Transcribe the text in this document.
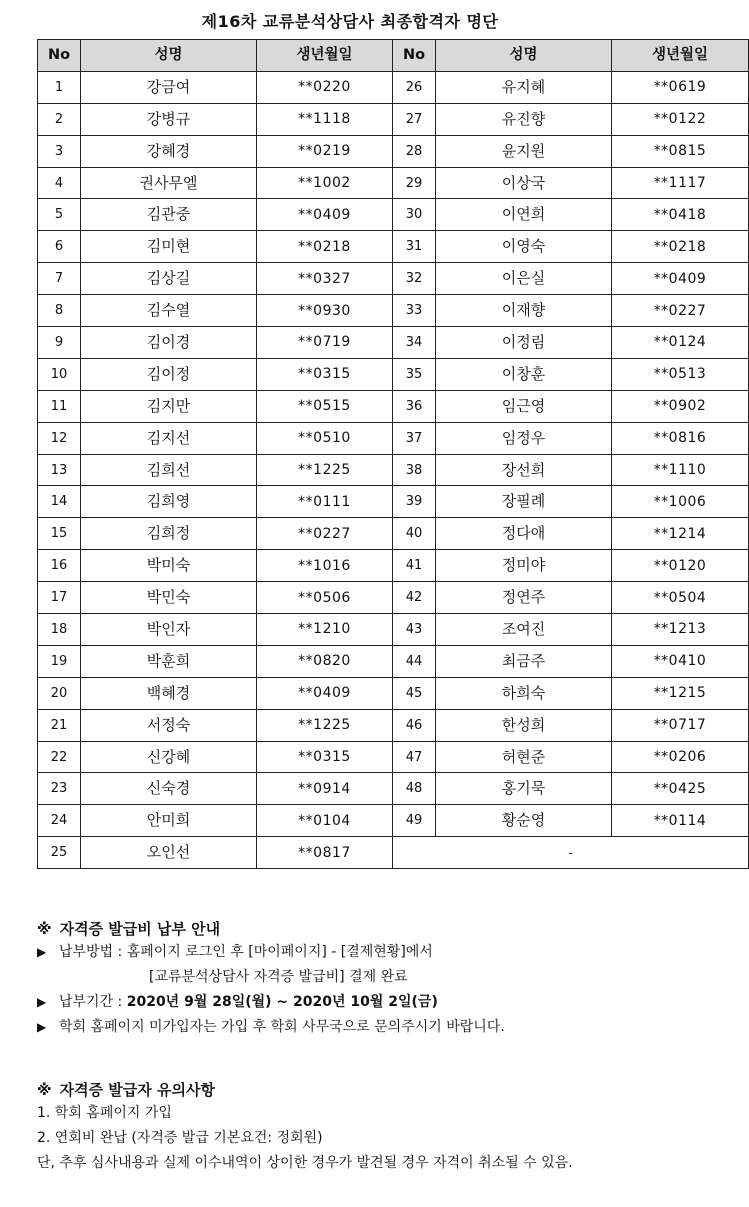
제16차 교류분석상담사 최종합격자 명단
No	성명	생년월일	No	성명	생년월일
1	강금여	**0220	26	유지혜	**0619
2	강병규	**1118	27	유진향	**0122
3	강혜경	**0219	28	윤지원	**0815
4	권사무엘	**1002	29	이상국	**1117
5	김관중	**0409	30	이연희	**0418
6	김미현	**0218	31	이영숙	**0218
7	김상길	**0327	32	이은실	**0409
8	김수열	**0930	33	이재향	**0227
9	김이경	**0719	34	이정림	**0124
10	김이정	**0315	35	이창훈	**0513
11	김지만	**0515	36	임근영	**0902
12	김지선	**0510	37	임정우	**0816
13	김희선	**1225	38	장선희	**1110
14	김희영	**0111	39	장필례	**1006
15	김희정	**0227	40	정다애	**1214
16	박미숙	**1016	41	정미야	**0120
17	박민숙	**0506	42	정연주	**0504
18	박인자	**1210	43	조여진	**1213
19	박훈희	**0820	44	최금주	**0410
20	백혜경	**0409	45	하희숙	**1215
21	서정숙	**1225	46	한성희	**0717
22	신강혜	**0315	47	허현준	**0206
23	신숙경	**0914	48	홍기묵	**0425
24	안미희	**0104	49	황순영	**0114
25	오인선	**0817	-		
※ 자격증 발급비 납부 안내
▶ 납부방법 : 홈페이지 로그인 후 [마이페이지] - [결제현황]에서
[교류분석상담사 자격증 발급비] 결제 완료
▶ 납부기간 : 2020년 9월 28일(월) ~ 2020년 10월 2일(금)
▶ 학회 홈페이지 미가입자는 가입 후 학회 사무국으로 문의주시기 바랍니다.
※ 자격증 발급자 유의사항
1. 학회 홈페이지 가입
2. 연회비 완납 (자격증 발급 기본요건: 정회원)
단, 추후 심사내용과 실제 이수내역이 상이한 경우가 발견될 경우 자격이 취소될 수 있음.
